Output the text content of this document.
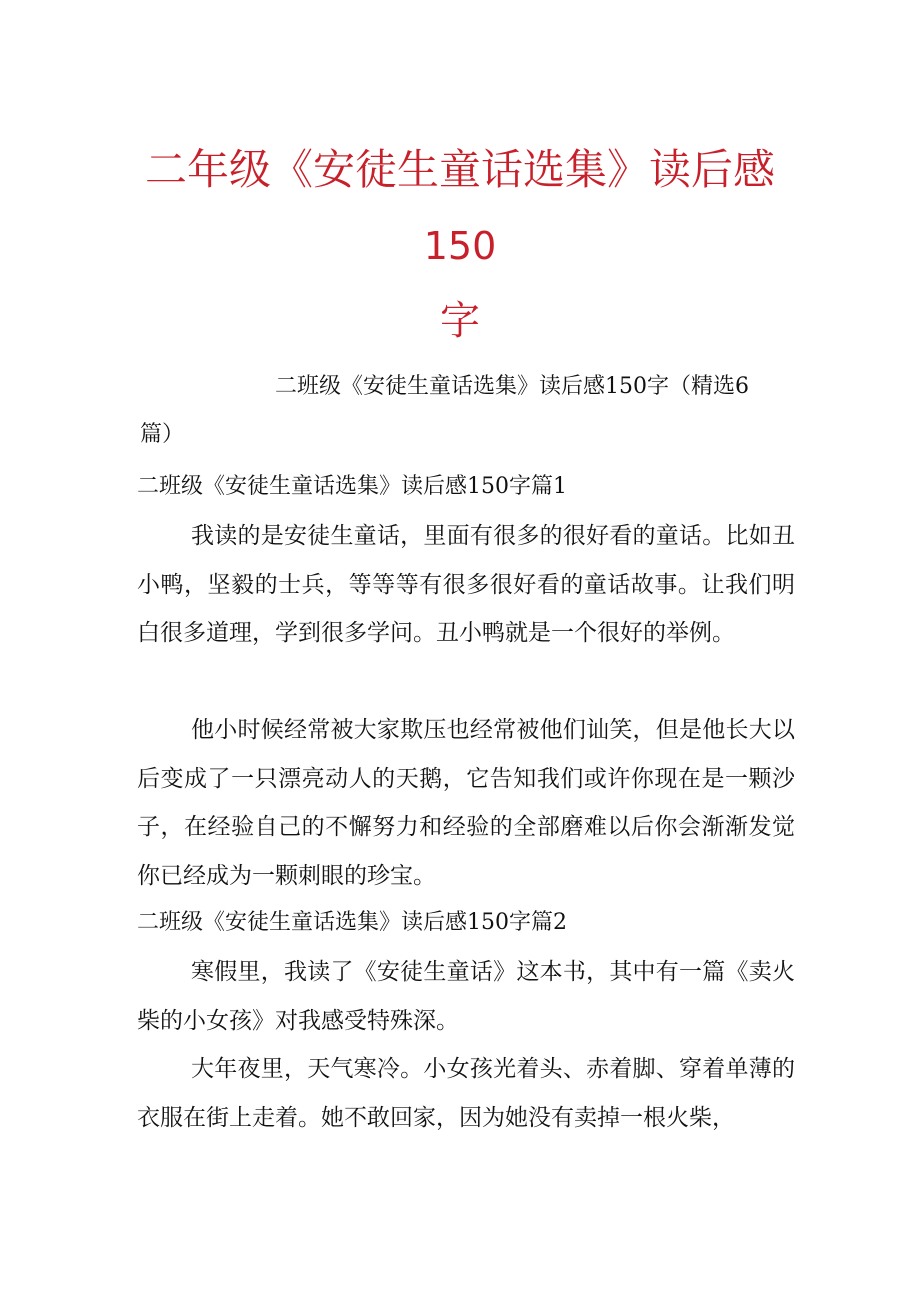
二年级《安徒生童话选集》读后感
150
字
二班级《安徒生童话选集》读后感150字（精选6
篇）
二班级《安徒生童话选集》读后感150字篇1

我读的是安徒生童话，里面有很多的很好看的童话。比如丑小鸭，坚毅的士兵，等等等有很多很好看的童话故事。让我们明白很多道理，学到很多学问。丑小鸭就是一个很好的举例。

他小时候经常被大家欺压也经常被他们讪笑，但是他长大以后变成了一只漂亮动人的天鹅，它告知我们或许你现在是一颗沙子，在经验自己的不懈努力和经验的全部磨难以后你会渐渐发觉你已经成为一颗刺眼的珍宝。

二班级《安徒生童话选集》读后感150字篇2

寒假里，我读了《安徒生童话》这本书，其中有一篇《卖火柴的小女孩》对我感受特殊深。

大年夜里，天气寒冷。小女孩光着头、赤着脚、穿着单薄的衣服在街上走着。她不敢回家，因为她没有卖掉一根火柴，
